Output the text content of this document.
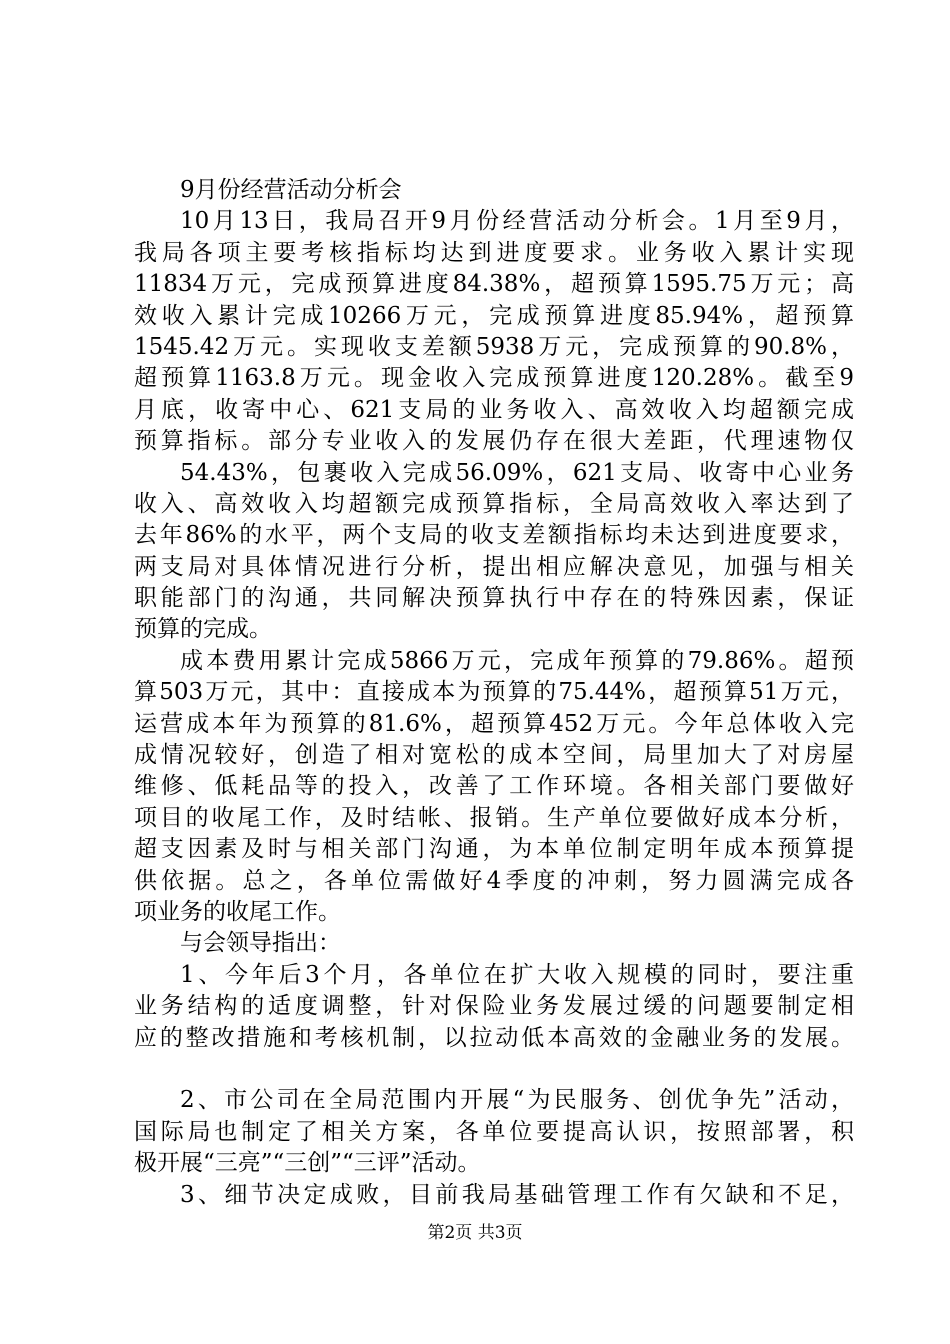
9月份经营活动分析会
10月13日，我局召开9月份经营活动分析会。1月至9月，
我局各项主要考核指标均达到进度要求。业务收入累计实现
11834万元，完成预算进度84.38%，超预算1595.75万元；高
效收入累计完成10266万元，完成预算进度85.94%，超预算
1545.42万元。实现收支差额5938万元，完成预算的90.8%，
超预算1163.8万元。现金收入完成预算进度120.28%。截至9
月底，收寄中心、621支局的业务收入、高效收入均超额完成
预算指标。部分专业收入的发展仍存在很大差距，代理速物仅
54.43%，包裹收入完成56.09%，621支局、收寄中心业务
收入、高效收入均超额完成预算指标，全局高效收入率达到了
去年86%的水平，两个支局的收支差额指标均未达到进度要求，
两支局对具体情况进行分析，提出相应解决意见，加强与相关
职能部门的沟通，共同解决预算执行中存在的特殊因素，保证
预算的完成。
成本费用累计完成5866万元，完成年预算的79.86%。超预
算503万元，其中：直接成本为预算的75.44%，超预算51万元，
运营成本年为预算的81.6%，超预算452万元。今年总体收入完
成情况较好，创造了相对宽松的成本空间，局里加大了对房屋
维修、低耗品等的投入，改善了工作环境。各相关部门要做好
项目的收尾工作，及时结帐、报销。生产单位要做好成本分析，
超支因素及时与相关部门沟通，为本单位制定明年成本预算提
供依据。总之，各单位需做好4季度的冲刺，努力圆满完成各
项业务的收尾工作。
与会领导指出：
1、今年后3个月，各单位在扩大收入规模的同时，要注重
业务结构的适度调整，针对保险业务发展过缓的问题要制定相
应的整改措施和考核机制，以拉动低本高效的金融业务的发展。
2、市公司在全局范围内开展“为民服务、创优争先”活动，
国际局也制定了相关方案，各单位要提高认识，按照部署，积
极开展“三亮”“三创”“三评”活动。
3、细节决定成败，目前我局基础管理工作有欠缺和不足，
第2页 共3页
